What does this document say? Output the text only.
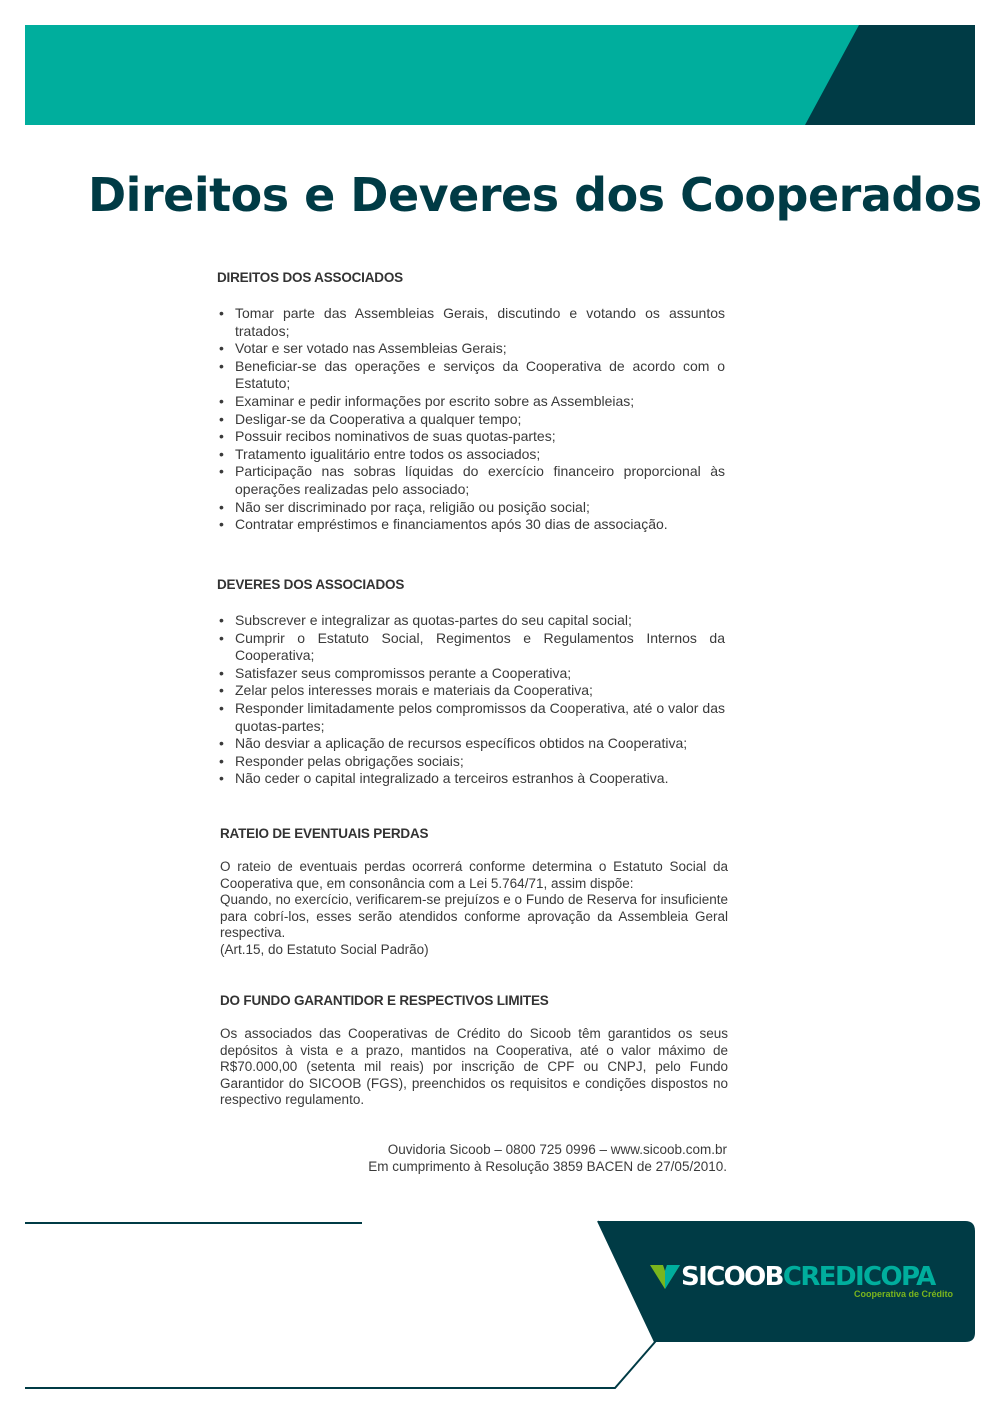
Direitos e Deveres dos Cooperados
DIREITOS DOS ASSOCIADOS
• Tomar parte das Assembleias Gerais, discutindo e votando os assuntos tratados;
• Votar e ser votado nas Assembleias Gerais;
• Beneficiar-se das operações e serviços da Cooperativa de acordo com o Estatuto;
• Examinar e pedir informações por escrito sobre as Assembleias;
• Desligar-se da Cooperativa a qualquer tempo;
• Possuir recibos nominativos de suas quotas-partes;
• Tratamento igualitário entre todos os associados;
• Participação nas sobras líquidas do exercício financeiro proporcional às operações realizadas pelo associado;
• Não ser discriminado por raça, religião ou posição social;
• Contratar empréstimos e financiamentos após 30 dias de associação.
DEVERES DOS ASSOCIADOS
• Subscrever e integralizar as quotas-partes do seu capital social;
• Cumprir o Estatuto Social, Regimentos e Regulamentos Internos da Cooperativa;
• Satisfazer seus compromissos perante a Cooperativa;
• Zelar pelos interesses morais e materiais da Cooperativa;
• Responder limitadamente pelos compromissos da Cooperativa, até o valor das quotas-partes;
• Não desviar a aplicação de recursos específicos obtidos na Cooperativa;
• Responder pelas obrigações sociais;
• Não ceder o capital integralizado a terceiros estranhos à Cooperativa.
RATEIO DE EVENTUAIS PERDAS

O rateio de eventuais perdas ocorrerá conforme determina o Estatuto Social da Cooperativa que, em consonância com a Lei 5.764/71, assim dispõe:

Quando, no exercício, verificarem-se prejuízos e o Fundo de Reserva for insuficiente para cobrí-los, esses serão atendidos conforme aprovação da Assembleia Geral respectiva.

(Art.15, do Estatuto Social Padrão)

DO FUNDO GARANTIDOR E RESPECTIVOS LIMITES

Os associados das Cooperativas de Crédito do Sicoob têm garantidos os seus depósitos à vista e a prazo, mantidos na Cooperativa, até o valor máximo de R$70.000,00 (setenta mil reais) por inscrição de CPF ou CNPJ, pelo Fundo Garantidor do SICOOB (FGS), preenchidos os requisitos e condições dispostos no respectivo regulamento.

Ouvidoria Sicoob – 0800 725 0996 – www.sicoob.com.br
Em cumprimento à Resolução 3859 BACEN de 27/05/2010.
SICOOBCREDICOPA
Cooperativa de Crédito
